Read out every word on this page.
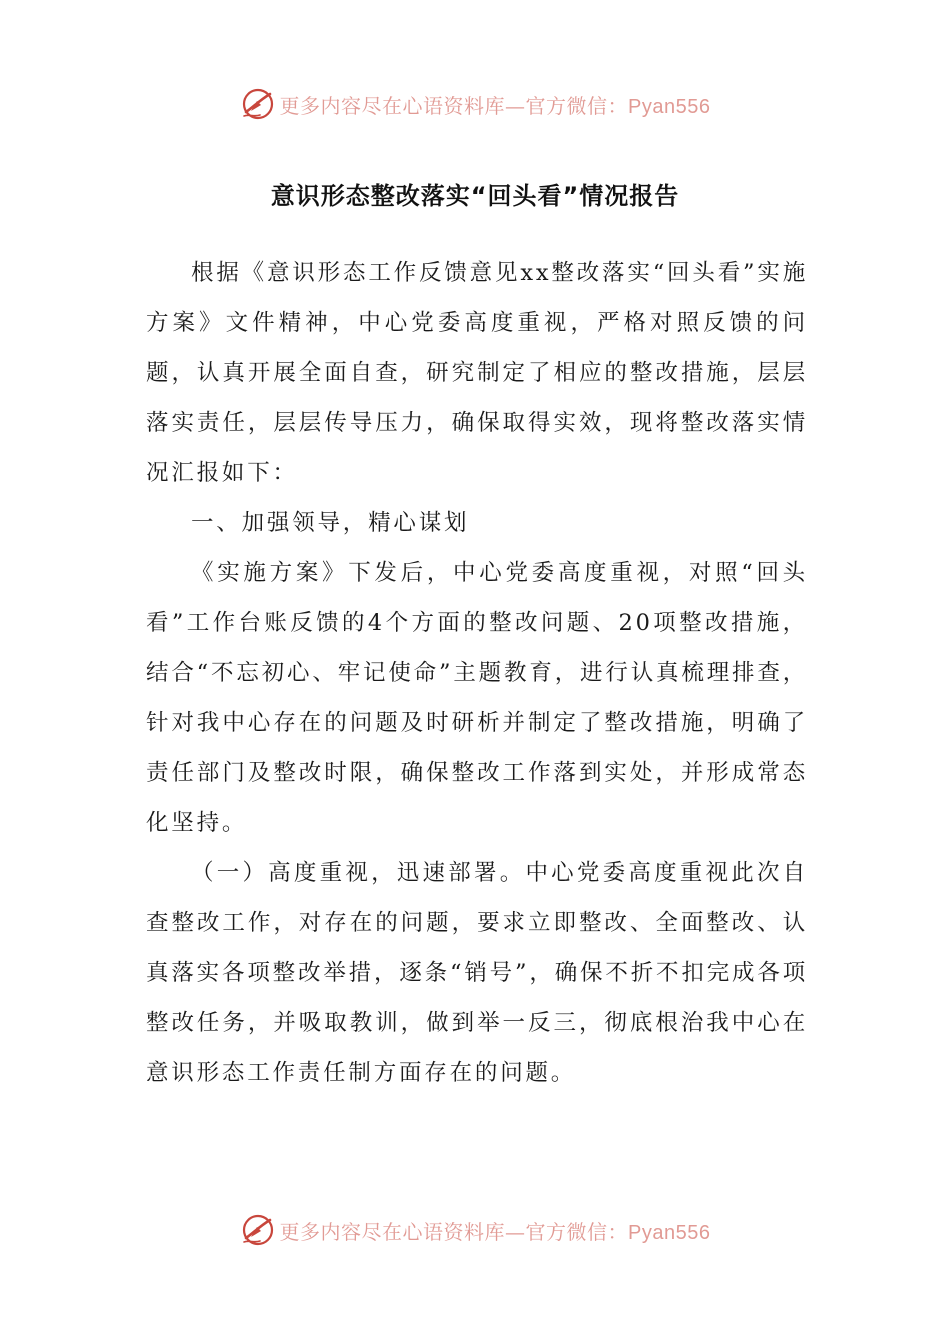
更多内容尽在心语资料库—官方微信：Pyan556
意识形态整改落实“回头看”情况报告

根据《意识形态工作反馈意见xx整改落实“回头看”实施方案》文件精神，中心党委高度重视，严格对照反馈的问题，认真开展全面自查，研究制定了相应的整改措施，层层落实责任，层层传导压力，确保取得实效，现将整改落实情况汇报如下：

一、加强领导，精心谋划

《实施方案》下发后，中心党委高度重视，对照“回头看”工作台账反馈的4个方面的整改问题、20项整改措施，结合“不忘初心、牢记使命”主题教育，进行认真梳理排查，针对我中心存在的问题及时研析并制定了整改措施，明确了责任部门及整改时限，确保整改工作落到实处，并形成常态化坚持。

（一）高度重视，迅速部署。中心党委高度重视此次自查整改工作，对存在的问题，要求立即整改、全面整改、认真落实各项整改举措，逐条“销号”，确保不折不扣完成各项整改任务，并吸取教训，做到举一反三，彻底根治我中心在意识形态工作责任制方面存在的问题。

更多内容尽在心语资料库—官方微信：Pyan556
